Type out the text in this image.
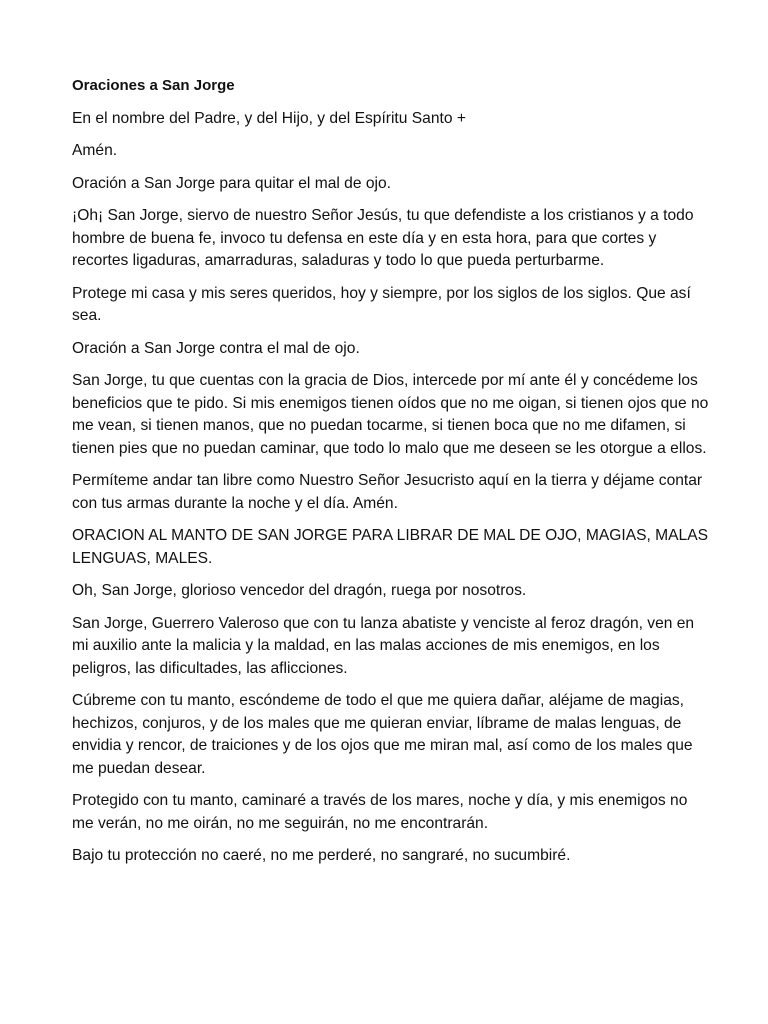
Oraciones a San Jorge

En el nombre del Padre, y del Hijo, y del Espíritu Santo +

Amén.

Oración a San Jorge para quitar el mal de ojo.

¡Oh¡ San Jorge, siervo de nuestro Señor Jesús, tu que defendiste a los cristianos y a todo hombre de buena fe, invoco tu defensa en este día y en esta hora, para que cortes y recortes ligaduras, amarraduras, saladuras y todo lo que pueda perturbarme.

Protege mi casa y mis seres queridos, hoy y siempre, por los siglos de los siglos. Que así sea.

Oración a San Jorge contra el mal de ojo.

San Jorge, tu que cuentas con la gracia de Dios, intercede por mí ante él y concédeme los beneficios que te pido. Si mis enemigos tienen oídos que no me oigan, si tienen ojos que no me vean, si tienen manos, que no puedan tocarme, si tienen boca que no me difamen, si tienen pies que no puedan caminar, que todo lo malo que me deseen se les otorgue a ellos.

Permíteme andar tan libre como Nuestro Señor Jesucristo aquí en la tierra y déjame contar con tus armas durante la noche y el día. Amén.

ORACION AL MANTO DE SAN JORGE PARA LIBRAR DE MAL DE OJO, MAGIAS, MALAS LENGUAS, MALES.

Oh, San Jorge, glorioso vencedor del dragón, ruega por nosotros.

San Jorge, Guerrero Valeroso que con tu lanza abatiste y venciste al feroz dragón, ven en mi auxilio ante la malicia y la maldad, en las malas acciones de mis enemigos, en los peligros, las dificultades, las aflicciones.

Cúbreme con tu manto, escóndeme de todo el que me quiera dañar, aléjame de magias, hechizos, conjuros, y de los males que me quieran enviar, líbrame de malas lenguas, de envidia y rencor, de traiciones y de los ojos que me miran mal, así como de los males que me puedan desear.

Protegido con tu manto, caminaré a través de los mares, noche y día, y mis enemigos no me verán, no me oirán, no me seguirán, no me encontrarán.

Bajo tu protección no caeré, no me perderé, no sangraré, no sucumbiré.
